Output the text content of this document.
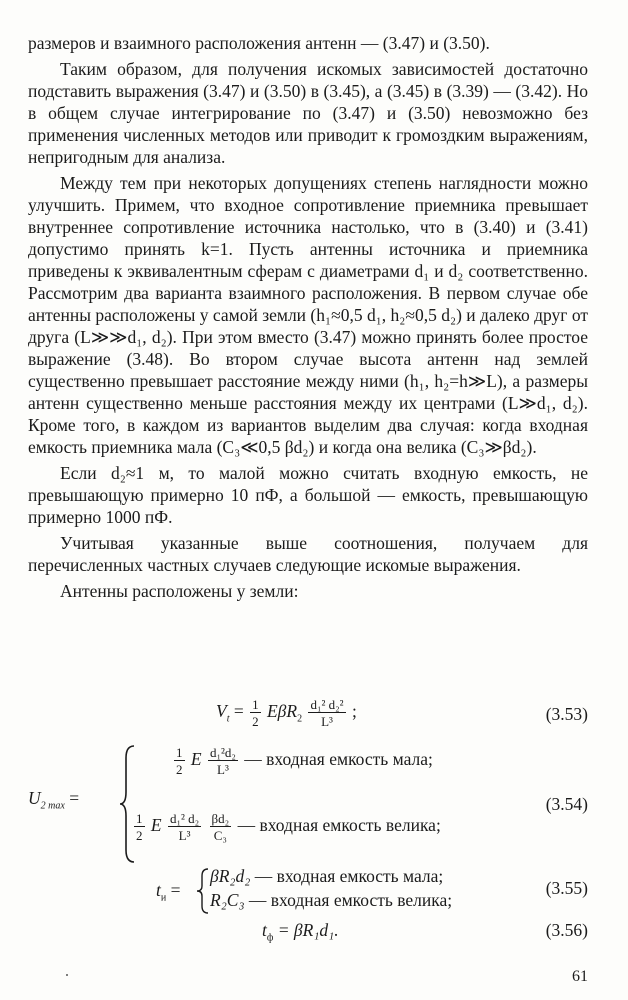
размеров и взаимного расположения антенн — (3.47) и (3.50).

Таким образом, для получения искомых зависимостей достаточно подставить выражения (3.47) и (3.50) в (3.45), а (3.45) в (3.39) — (3.42). Но в общем случае интегрирование по (3.47) и (3.50) невозможно без применения численных методов или приводит к громоздким выражениям, непригодным для анализа.

Между тем при некоторых допущениях степень наглядности можно улучшить. Примем, что входное сопротивление приемника превышает внутреннее сопротивление источника настолько, что в (3.40) и (3.41) допустимо принять k=1. Пусть антенны источника и приемника приведены к эквивалентным сферам с диаметрами d₁ и d₂ соответственно. Рассмотрим два варианта взаимного расположения. В первом случае обе антенны расположены у самой земли (h₁≈0,5 d₁, h₂≈0,5 d₂) и далеко друг от друга (L≫≫d₁, d₂). При этом вместо (3.47) можно принять более простое выражение (3.48). Во втором случае высота антенн над землей существенно превышает расстояние между ними (h₁, h₂=h≫L), а размеры антенн существенно меньше расстояния между их центрами (L≫d₁, d₂). Кроме того, в каждом из вариантов выделим два случая: когда входная емкость приемника мала (C₃≪0,5 βd₂) и когда она велика (C₃≫βd₂).

Если d₂≈1 м, то малой можно считать входную емкость, не превышающую примерно 10 пФ, а большой — емкость, превышающую примерно 1000 пФ.

Учитывая указанные выше соотношения, получаем для перечисленных частных случаев следующие искомые выражения.

Антенны расположены у земли:

$V_t = \frac{1}{2} E\beta R_2 \frac{\text{d₁² d₂²}}{\text{L³}}$ ;	(3.53)
$U_{2 max}$ =
$\frac{1}{2}$ E $\frac{\text{d₁²d₂}}{\text{L³}}$ — входная емкость мала;
$\frac{1}{2}$ E $\frac{\text{d₁² d₂}}{\text{L³}}$
$\frac{\text{βd₂}}{\text{C₃}}$ — входная емкость велика;
(3.54)
$t_и$ =
βR₂d₂ — входная емкость мала;
R₂C₃ — входная емкость велика;
(3.55)
$t_ф = \beta R_1d_1$.	(3.56)
61
